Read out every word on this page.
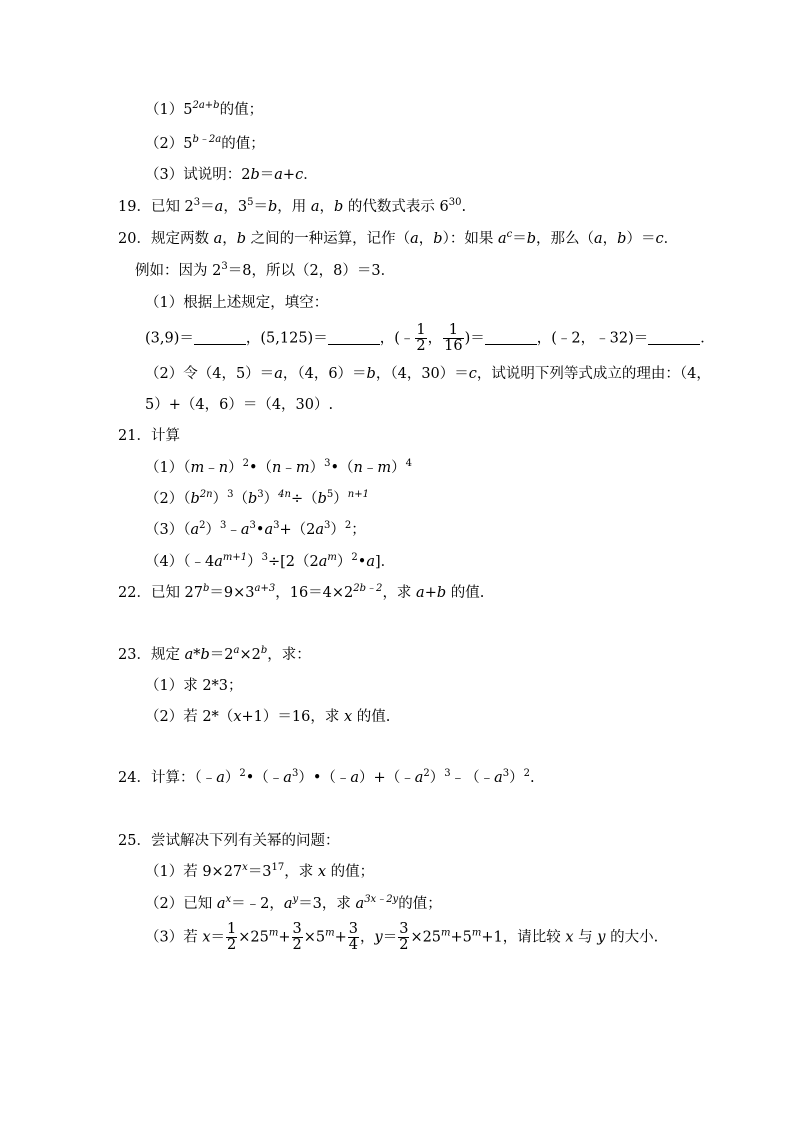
$(1)5^{2a+b}$的值；
$(2)5^{b﹣2a}$的值；
（3）试说明：2b＝a+c．
19．已知 $2^3=a$，$3^5=b$，用 a，b 的代数式表示 $6^{30}$.
20．规定两数 a，b 之间的一种运算，记作（a，b）：如果 $a^c=b$，那么（a，b）＝c．
例如：因为 $2^3=8$，所以（2，8）＝3．
（1）根据上述规定，填空：
(3,9)＝	，(5,125)＝	，(﹣ $\frac{1}{2}$ ， $\frac{1}{16}$ )＝	，(﹣2，﹣32)＝	．
（2）令（4，5）＝a，（4，6）＝b，（4，30）＝c，试说明下列等式成立的理由：（4，
5）+（4，6）＝（4，30）.
21．计算
（1）（m﹣n）$^2$•（n﹣m）$^3$•（n﹣m）$^4$
$(2)(b^{2n})^3(b^3)^{4n}\div(b^5)^{n+1}$
$(3)(a^2)^3﹣a^3•a^3+(2a^3)^2$；
$(4)(﹣4a^{m+1})^3\div[2(2a^m)^2•a]$．
22．已知 $27^b=9\times 3^{a+3}$，$16=4\times 2^{2b﹣2}$，求 a+b 的值.
23．规定 $a*b=2^a\times 2^b$，求：
（1）求 2*3；
（2）若 2*（x+1）＝16，求 x 的值.
24．计算：$(﹣a)^2•(﹣a^3)•(﹣a)+(﹣a^2)^3﹣(﹣a^3)^2$.
25．尝试解决下列有关幂的问题：
（1）若 $9\times 27^x=3^{17}$，求 x 的值；
（2）已知 $a^x=﹣2$，$a^y=3$，求 $a^{3x﹣2y}$的值；
（3）若 $x= \frac{1}{2} \times 25^m+ \frac{3}{2} \times 5^m+ \frac{3}{4}$ ，$y= \frac{3}{2} \times 25^m+5^m+1$，请比较 x 与 y 的大小.
